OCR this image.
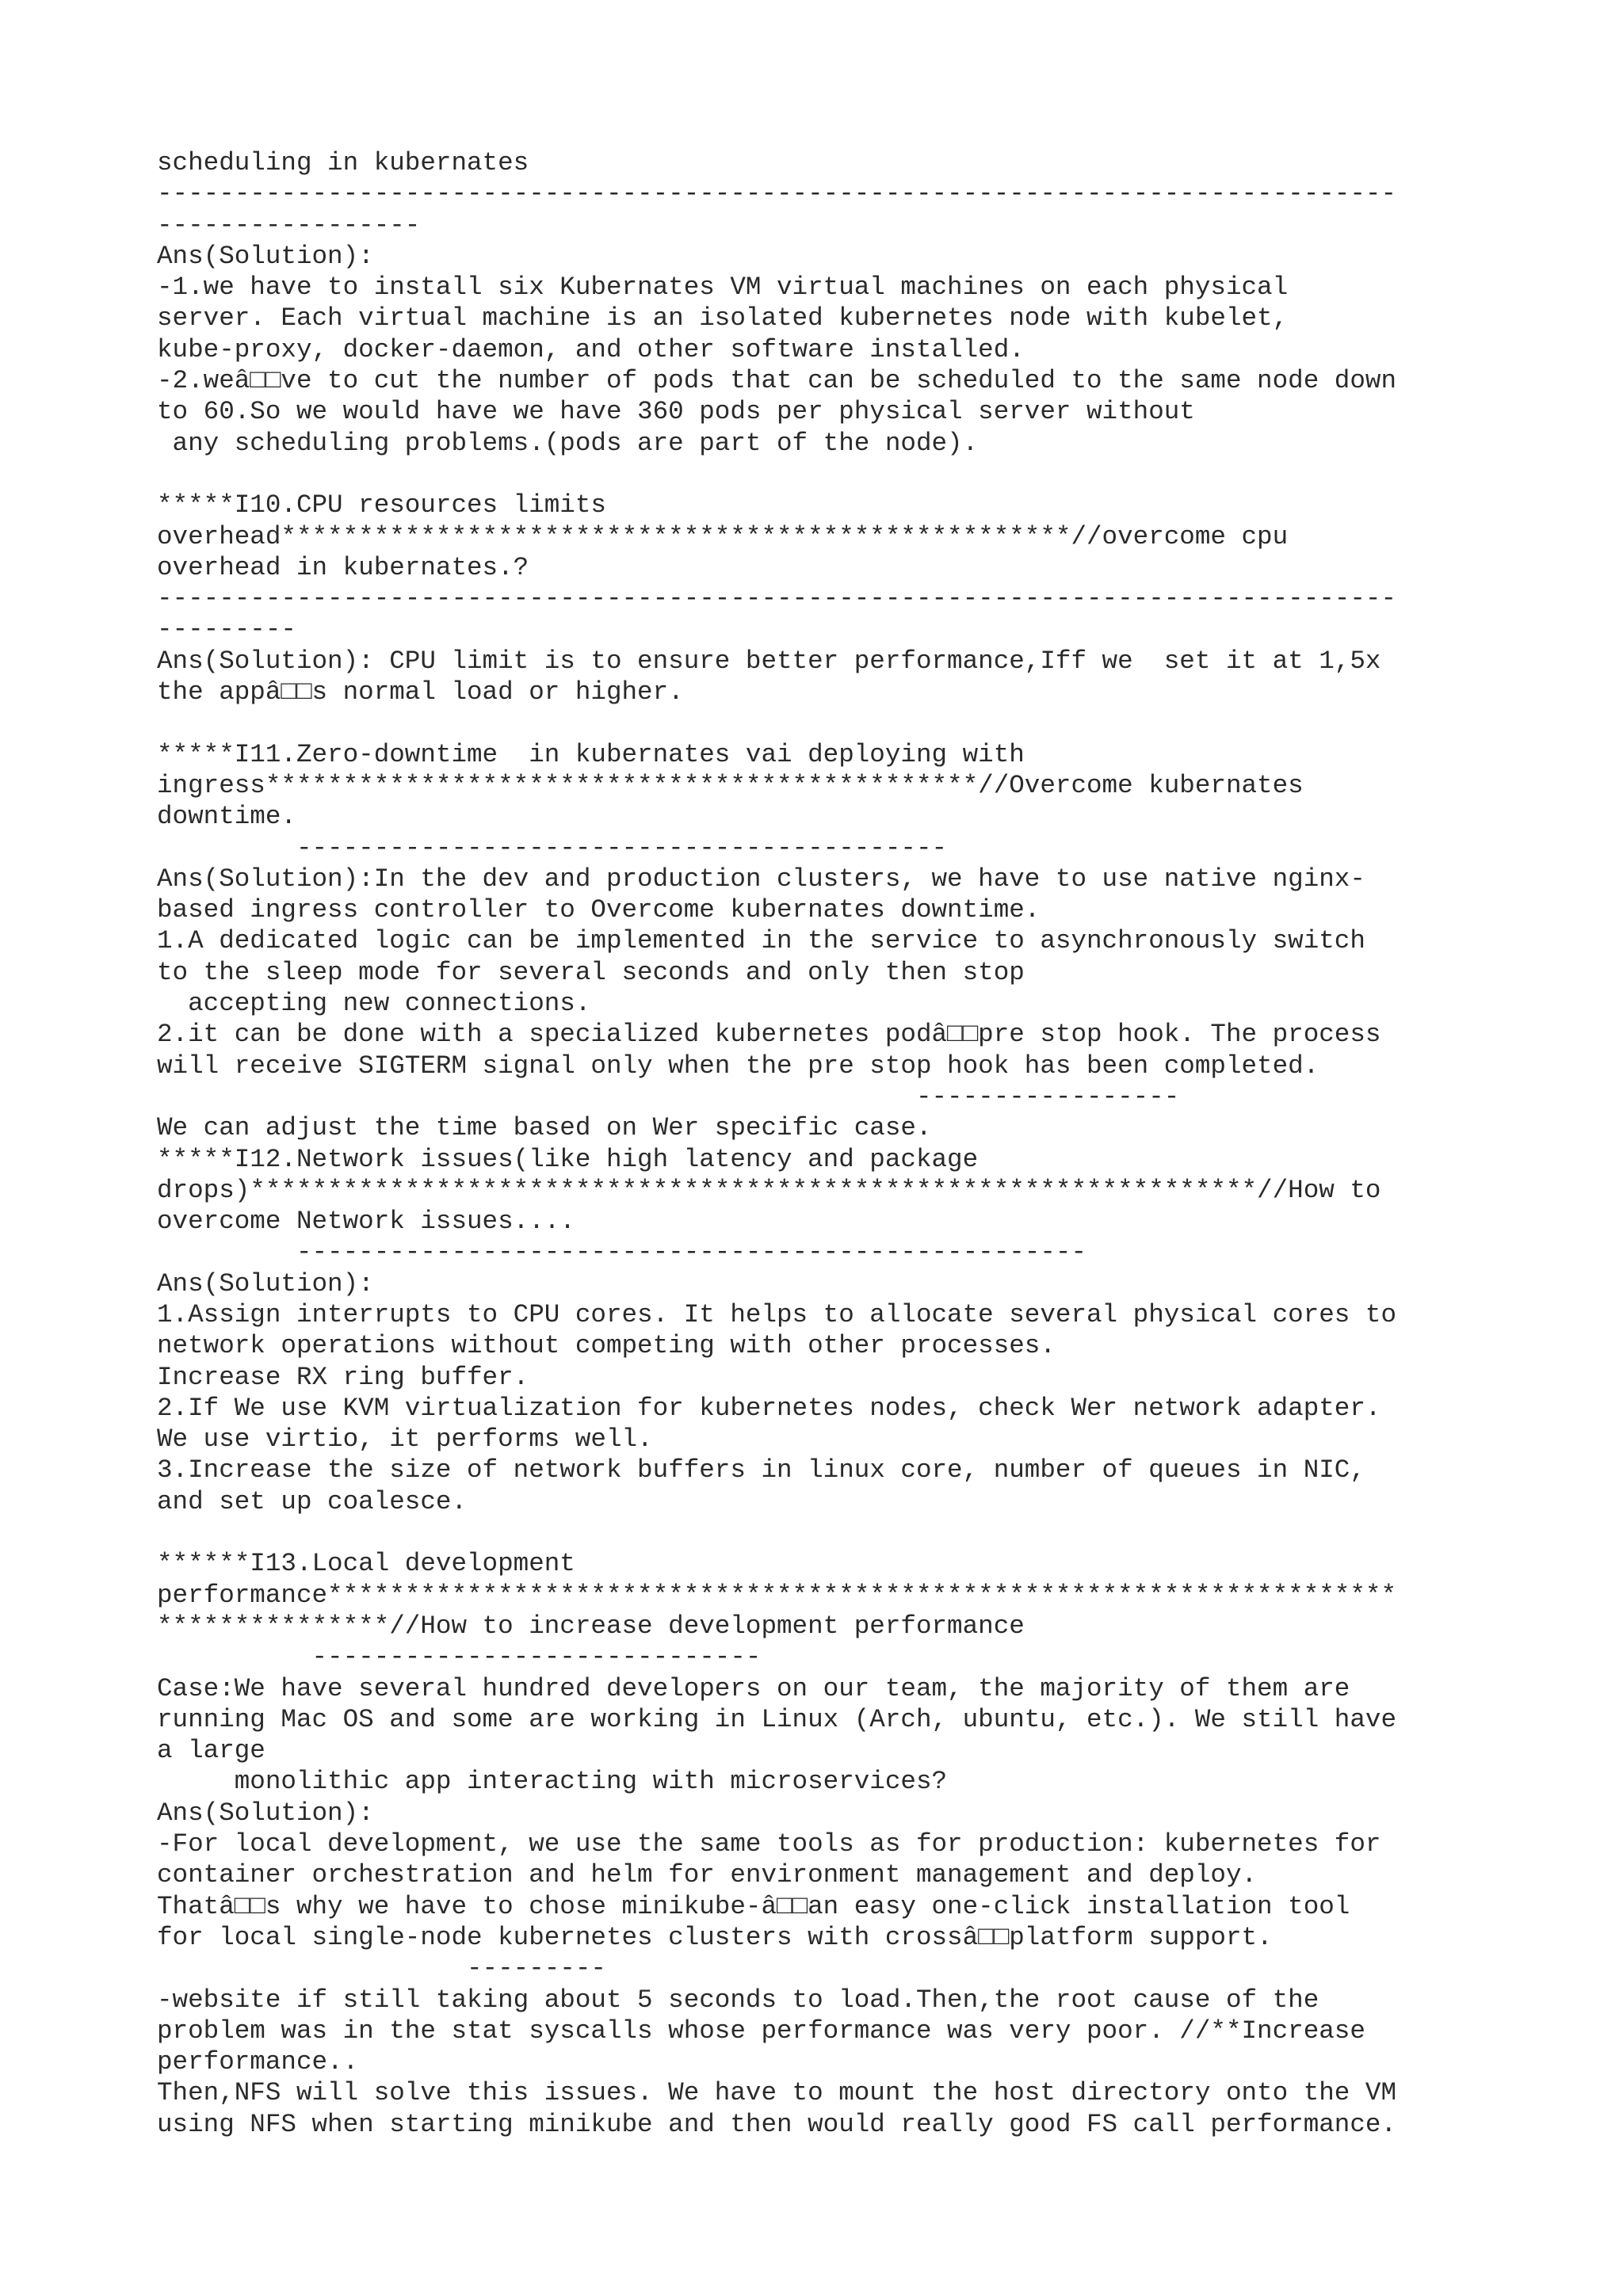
scheduling in kubernates
--------------------------------------------------------------------------------
-----------------
Ans(Solution):
-1.we have to install six Kubernates VM virtual machines on each physical
server. Each virtual machine is an isolated kubernetes node with kubelet,
kube-proxy, docker-daemon, and other software installed.
-2.weâ□□ve to cut the number of pods that can be scheduled to the same node down
to 60.So we would have we have 360 pods per physical server without
any scheduling problems.(pods are part of the node).
*****I10.CPU resources limits
overhead***************************************************//overcome cpu
overhead in kubernates.?
--------------------------------------------------------------------------------
---------
Ans(Solution): CPU limit is to ensure better performance,Iff we  set it at 1,5x
the appâ□□s normal load or higher.
*****I11.Zero-downtime  in kubernates vai deploying with
ingress**********************************************//Overcome kubernates
downtime.
------------------------------------------
Ans(Solution):In the dev and production clusters, we have to use native nginx-
based ingress controller to Overcome kubernates downtime.
1.A dedicated logic can be implemented in the service to asynchronously switch
to the sleep mode for several seconds and only then stop
accepting new connections.
2.it can be done with a specialized kubernetes podâ□□pre stop hook. The process
will receive SIGTERM signal only when the pre stop hook has been completed.
-----------------
We can adjust the time based on Wer specific case.
*****I12.Network issues(like high latency and package
drops)*****************************************************************//How to
overcome Network issues....
---------------------------------------------------
Ans(Solution):
1.Assign interrupts to CPU cores. It helps to allocate several physical cores to
network operations without competing with other processes.
Increase RX ring buffer.
2.If We use KVM virtualization for kubernetes nodes, check Wer network adapter.
We use virtio, it performs well.
3.Increase the size of network buffers in linux core, number of queues in NIC,
and set up coalesce.
******I13.Local development
performance*********************************************************************
***************//How to increase development performance
-----------------------------
Case:We have several hundred developers on our team, the majority of them are
running Mac OS and some are working in Linux (Arch, ubuntu, etc.). We still have
a large
monolithic app interacting with microservices?
Ans(Solution):
-For local development, we use the same tools as for production: kubernetes for
container orchestration and helm for environment management and deploy.
Thatâ□□s why we have to chose minikube-â□□an easy one-click installation tool
for local single-node kubernetes clusters with crossâ□□platform support.
---------
-website if still taking about 5 seconds to load.Then,the root cause of the
problem was in the stat syscalls whose performance was very poor. //**Increase
performance..
Then,NFS will solve this issues. We have to mount the host directory onto the VM
using NFS when starting minikube and then would really good FS call performance.
